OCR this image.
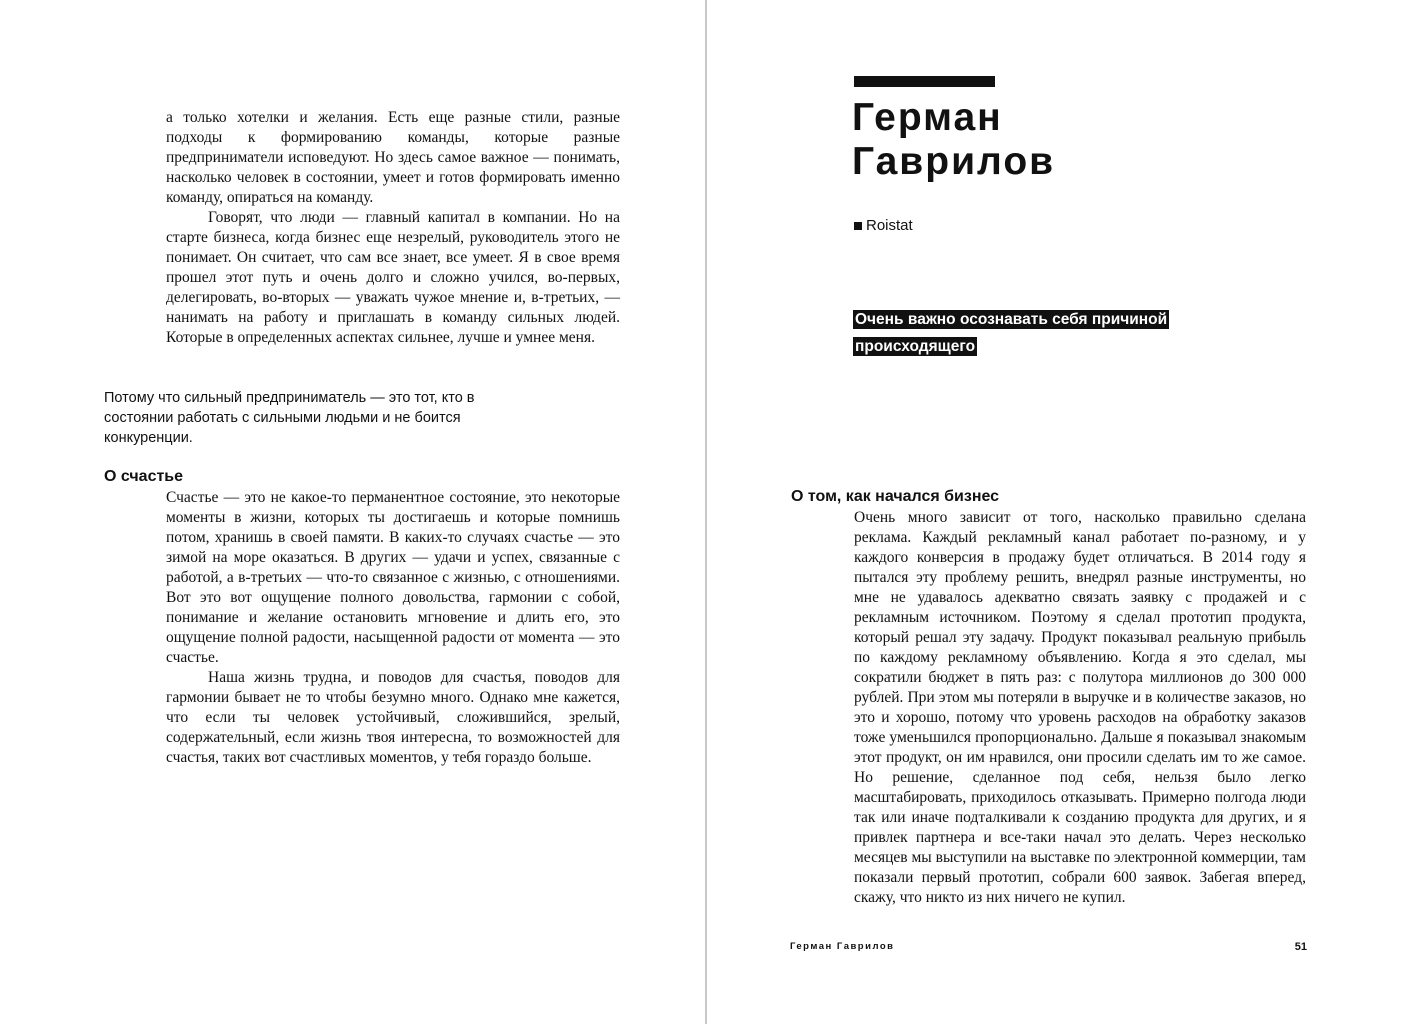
а только хотелки и желания. Есть еще разные стили, разные подходы к формированию команды, которые разные предприниматели исповедуют. Но здесь самое важное — понимать, насколько человек в состоянии, умеет и готов формировать именно команду, опираться на команду.

Говорят, что люди — главный капитал в компании. Но на старте бизнеса, когда бизнес еще незрелый, руководитель этого не понимает. Он считает, что сам все знает, все умеет. Я в свое время прошел этот путь и очень долго и сложно учился, во-первых, делегировать, во-вторых — уважать чужое мнение и, в-третьих, — нанимать на работу и приглашать в команду сильных людей. Которые в определенных аспектах сильнее, лучше и умнее меня.

Потому что сильный предприниматель — это тот, кто в состоянии работать с сильными людьми и не боится конкуренции.

О счастье

Счастье — это не какое-то перманентное состояние, это некоторые моменты в жизни, которых ты достигаешь и которые помнишь потом, хранишь в своей памяти. В каких-то случаях счастье — это зимой на море оказаться. В других — удачи и успех, связанные с работой, а в-третьих — что-то связанное с жизнью, с отношениями. Вот это вот ощущение полного довольства, гармонии с собой, понимание и желание остановить мгновение и длить его, это ощущение полной радости, насыщенной радости от момента — это счастье.

Наша жизнь трудна, и поводов для счастья, поводов для гармонии бывает не то чтобы безумно много. Однако мне кажется, что если ты человек устойчивый, сложившийся, зрелый, содержательный, если жизнь твоя интересна, то возможностей для счастья, таких вот счастливых моментов, у тебя гораздо больше.

Герман
Гаврилов
Roistat

Очень важно осознавать себя причиной происходящего

О том, как начался бизнес

Очень много зависит от того, насколько правильно сделана реклама. Каждый рекламный канал работает по-разному, и у каждого конверсия в продажу будет отличаться. В 2014 году я пытался эту проблему решить, внедрял разные инструменты, но мне не удавалось адекватно связать заявку с продажей и с рекламным источником. Поэтому я сделал прототип продукта, который решал эту задачу. Продукт показывал реальную прибыль по каждому рекламному объявлению. Когда я это сделал, мы сократили бюджет в пять раз: с полутора миллионов до 300 000 рублей. При этом мы потеряли в выручке и в количестве заказов, но это и хорошо, потому что уровень расходов на обработку заказов тоже уменьшился пропорционально. Дальше я показывал знакомым этот продукт, он им нравился, они просили сделать им то же самое. Но решение, сделанное под себя, нельзя было легко масштабировать, приходилось отказывать. Примерно полгода люди так или иначе подталкивали к созданию продукта для других, и я привлек партнера и все-таки начал это делать. Через несколько месяцев мы выступили на выставке по электронной коммерции, там показали первый прототип, собрали 600 заявок. Забегая вперед, скажу, что никто из них ничего не купил.

Герман Гаврилов	51
